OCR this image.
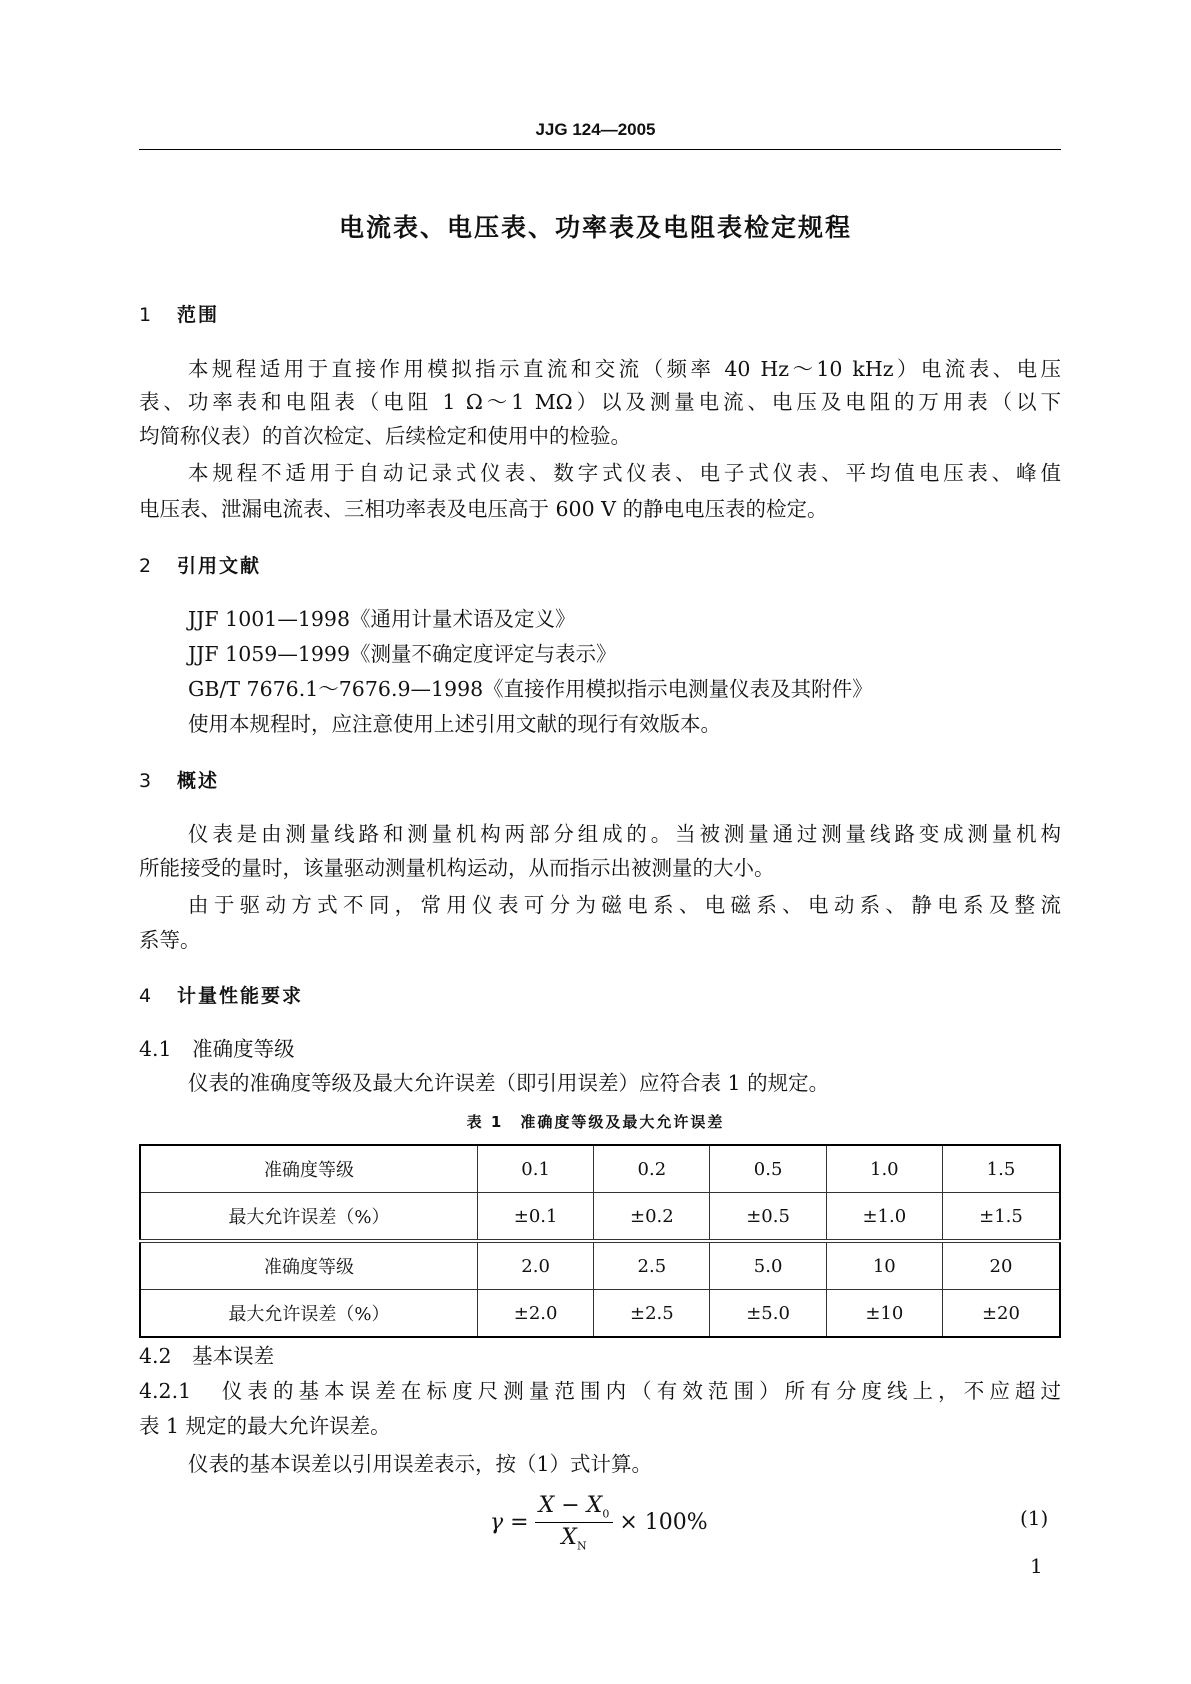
JJG 124—2005
电流表、电压表、功率表及电阻表检定规程
1 范围
本规程适用于直接作用模拟指示直流和交流（频率 40 Hz～10 kHz）电流表、电压
表、功率表和电阻表（电阻 1 Ω～1 MΩ）以及测量电流、电压及电阻的万用表（以下
均简称仪表）的首次检定、后续检定和使用中的检验。
本规程不适用于自动记录式仪表、数字式仪表、电子式仪表、平均值电压表、峰值
电压表、泄漏电流表、三相功率表及电压高于 600 V 的静电电压表的检定。
2 引用文献
JJF 1001—1998《通用计量术语及定义》
JJF 1059—1999《测量不确定度评定与表示》
GB/T 7676.1～7676.9—1998《直接作用模拟指示电测量仪表及其附件》
使用本规程时，应注意使用上述引用文献的现行有效版本。
3 概述
仪表是由测量线路和测量机构两部分组成的。当被测量通过测量线路变成测量机构
所能接受的量时，该量驱动测量机构运动，从而指示出被测量的大小。
由于驱动方式不同，常用仪表可分为磁电系、电磁系、电动系、静电系及整流
系等。
4 计量性能要求
4.1　 准确度等级
仪表的准确度等级及最大允许误差（即引用误差）应符合表 1 的规定。
表 1　准确度等级及最大允许误差
准确度等级	0.1	0.2	0.5	1.0	1.5
最大允许误差（%）	±0.1	±0.2	±0.5	±1.0	±1.5
准确度等级	2.0	2.5	5.0	10	20
最大允许误差（%）	±2.0	±2.5	±5.0	±10	±20
4.2　 基本误差
4.2.1　仪表的基本误差在标度尺测量范围内（有效范围）所有分度线上，不应超过
表 1 规定的最大允许误差。
仪表的基本误差以引用误差表示，按（1）式计算。
$\gamma = \frac{X - X_0}{X_N} \times 100\%$	(1)
1
